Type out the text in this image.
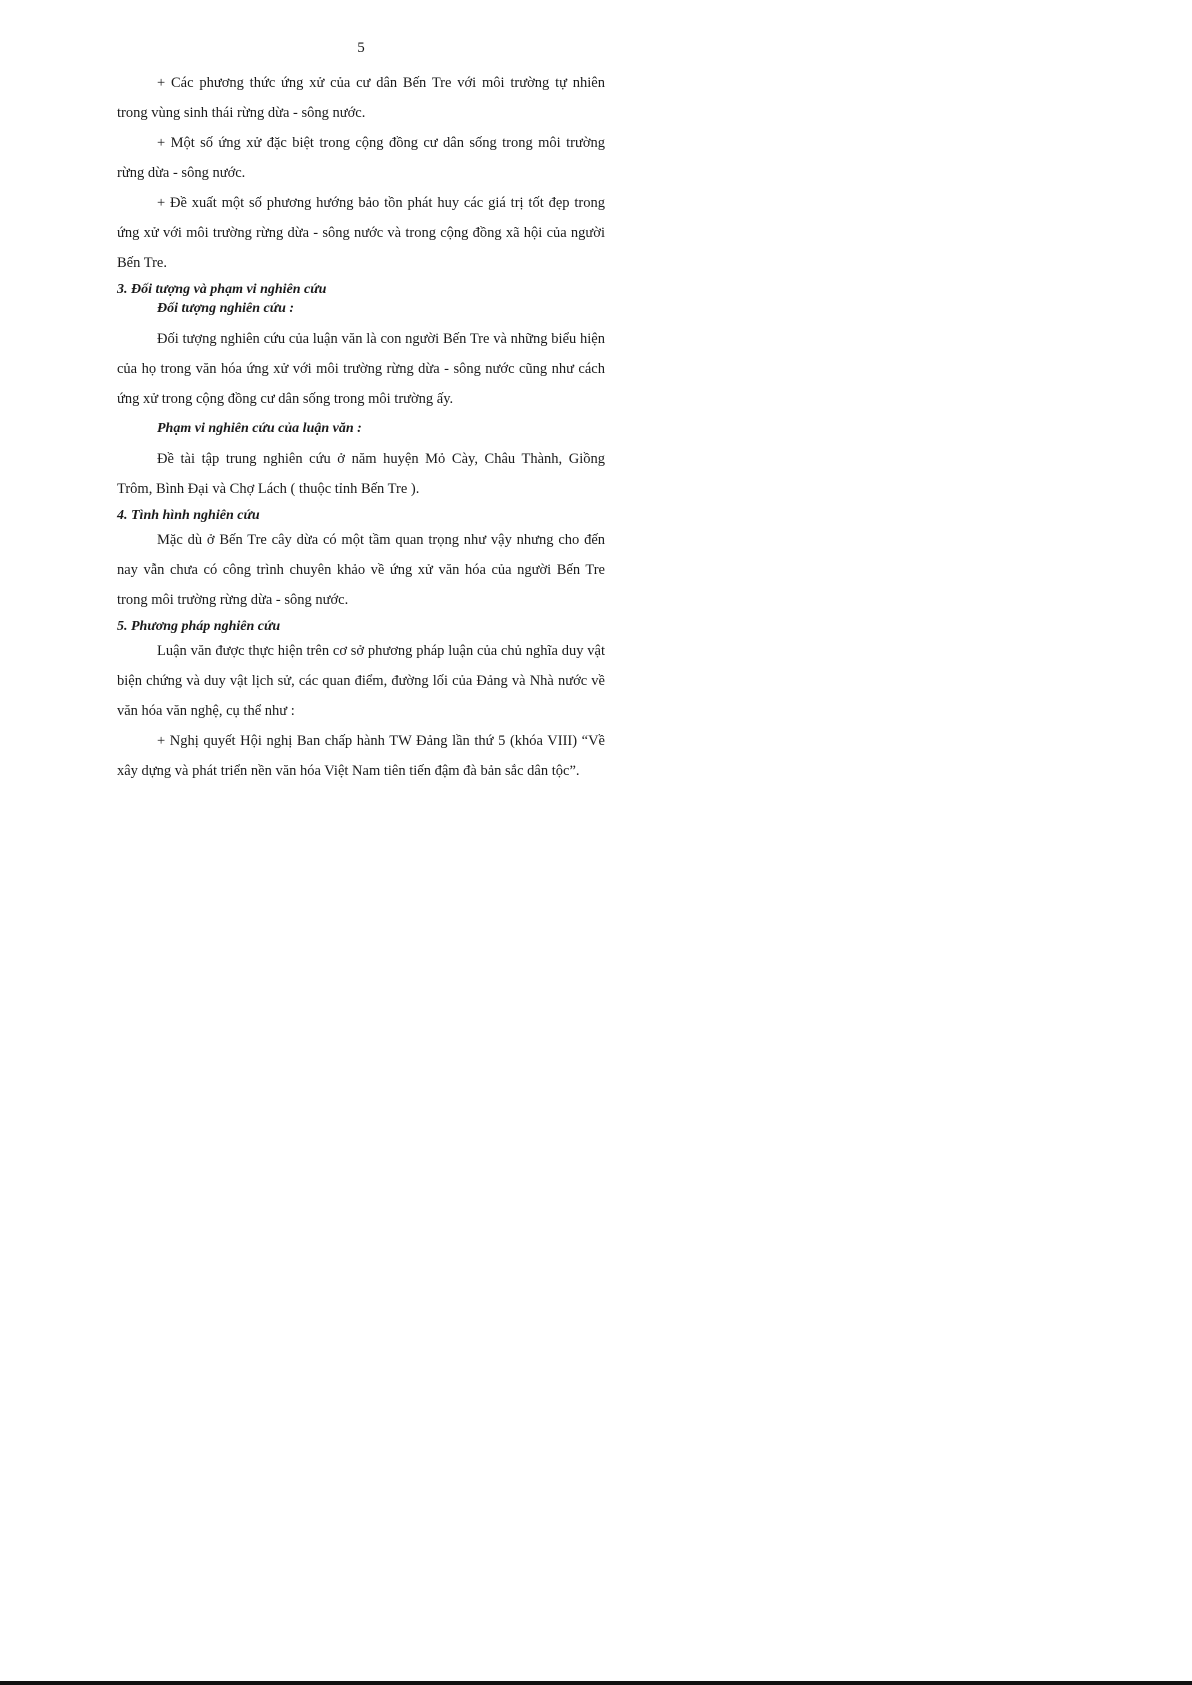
5

+ Các phương thức ứng xử của cư dân Bến Tre với môi trường tự nhiên trong vùng sinh thái rừng dừa - sông nước.

+ Một số ứng xử đặc biệt trong cộng đồng cư dân sống trong môi trường rừng dừa - sông nước.

+ Đề xuất một số phương hướng bảo tồn phát huy các giá trị tốt đẹp trong ứng xử với môi trường rừng dừa - sông nước và trong cộng đồng xã hội của người Bến Tre.

3. Đối tượng và phạm vi nghiên cứu
Đối tượng nghiên cứu :

Đối tượng nghiên cứu của luận văn là con người Bến Tre và những biểu hiện của họ trong văn hóa ứng xử với môi trường rừng dừa - sông nước cũng như cách ứng xử trong cộng đồng cư dân sống trong môi trường ấy.

Phạm vi nghiên cứu của luận văn :

Đề tài tập trung nghiên cứu ở năm huyện Mỏ Cày, Châu Thành, Giồng Trôm, Bình Đại và Chợ Lách ( thuộc tỉnh Bến Tre ).

4. Tình hình nghiên cứu

Mặc dù ở Bến Tre cây dừa có một tầm quan trọng như vậy nhưng cho đến nay vẫn chưa có công trình chuyên khảo về ứng xử văn hóa của người Bến Tre trong môi trường rừng dừa - sông nước.

5. Phương pháp nghiên cứu

Luận văn được thực hiện trên cơ sở phương pháp luận của chủ nghĩa duy vật biện chứng và duy vật lịch sử, các quan điểm, đường lối của Đảng và Nhà nước về văn hóa văn nghệ, cụ thể như :

+ Nghị quyết Hội nghị Ban chấp hành TW Đảng lần thứ 5 (khóa VIII) “Về xây dựng và phát triển nền văn hóa Việt Nam tiên tiến đậm đà bản sắc dân tộc”.
